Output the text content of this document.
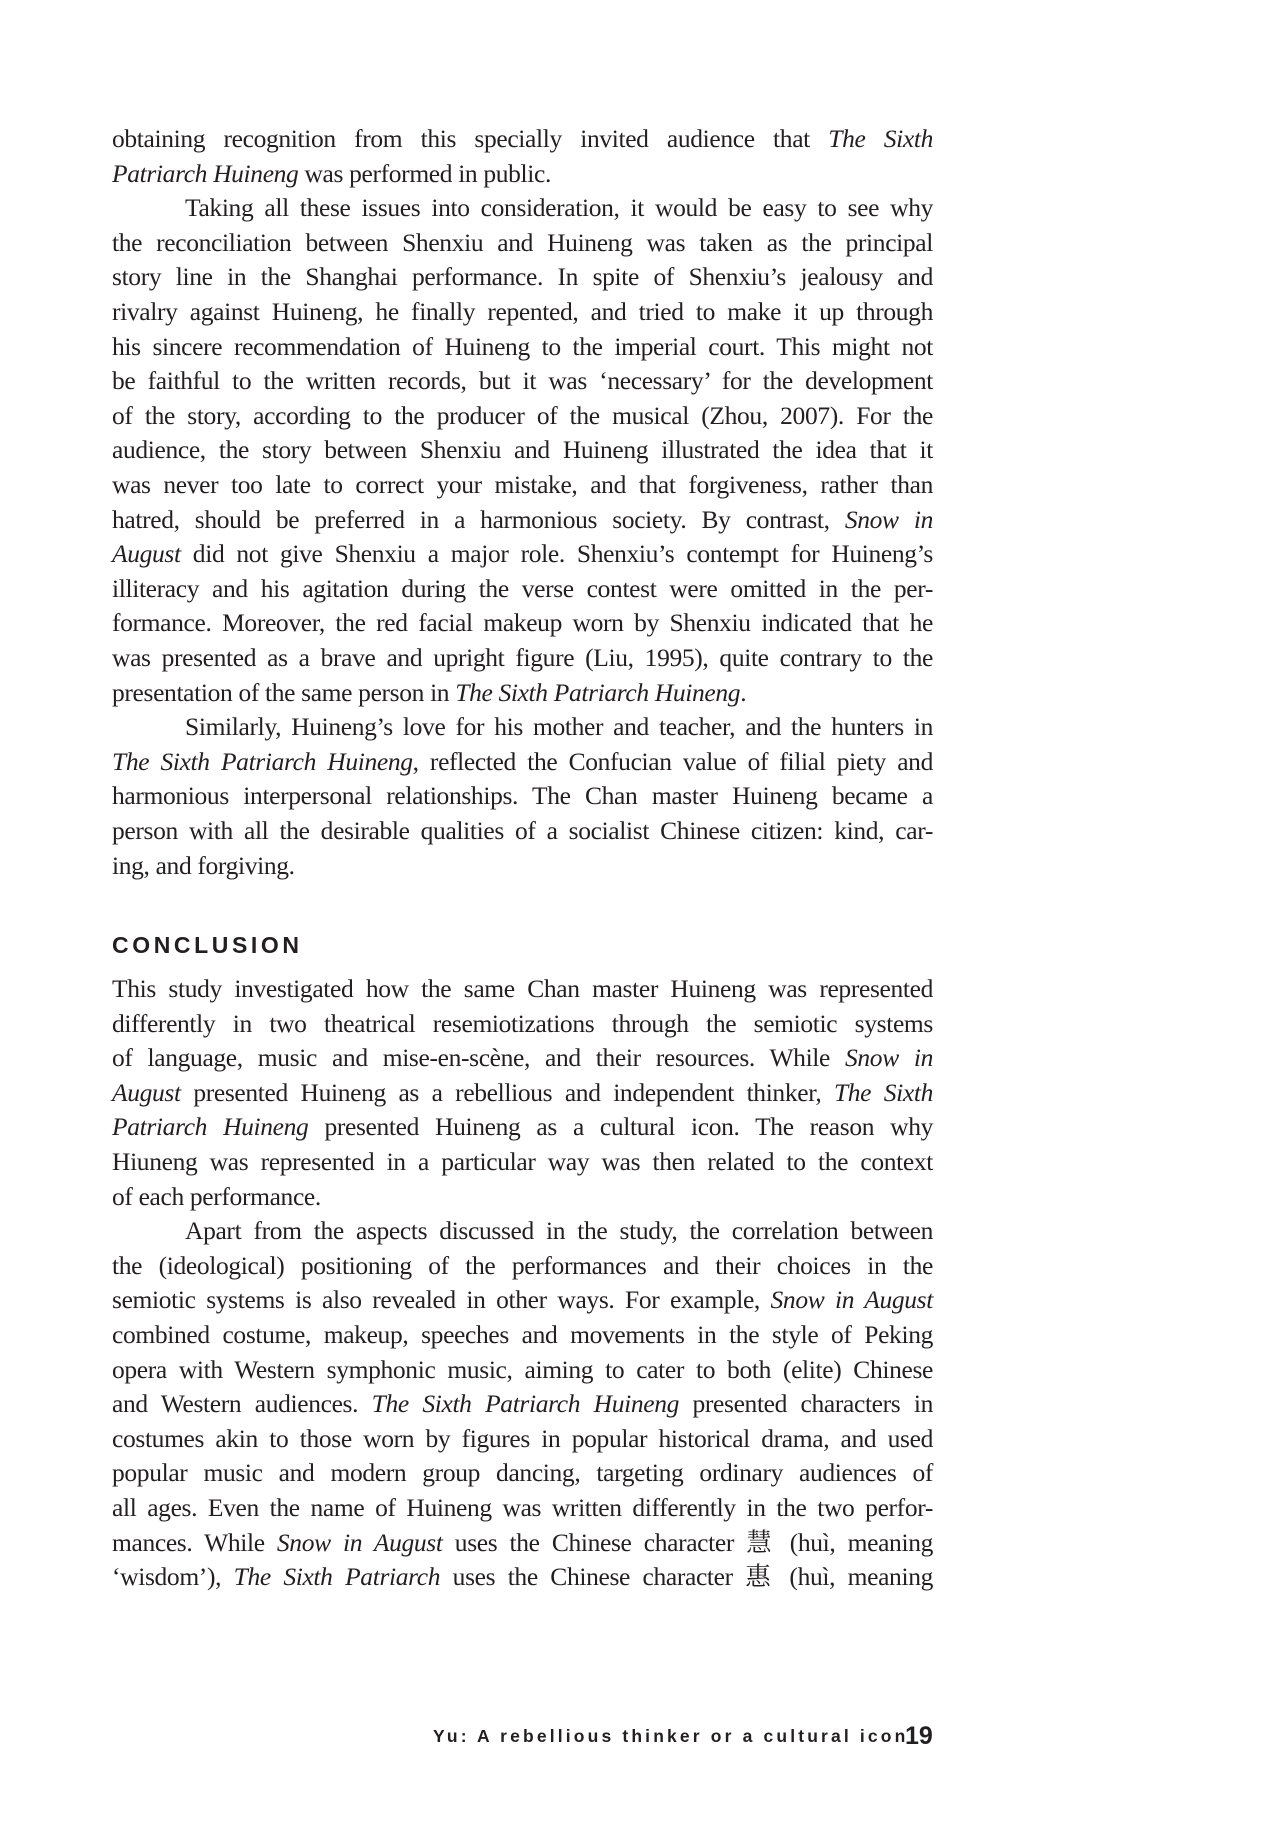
obtaining recognition from this specially invited audience that The Sixth
Patriarch Huineng was performed in public.
Taking all these issues into consideration, it would be easy to see why
the reconciliation between Shenxiu and Huineng was taken as the principal
story line in the Shanghai performance. In spite of Shenxiu’s jealousy and
rivalry against Huineng, he finally repented, and tried to make it up through
his sincere recommendation of Huineng to the imperial court. This might not
be faithful to the written records, but it was ‘necessary’ for the development
of the story, according to the producer of the musical (Zhou, 2007). For the
audience, the story between Shenxiu and Huineng illustrated the idea that it
was never too late to correct your mistake, and that forgiveness, rather than
hatred, should be preferred in a harmonious society. By contrast, Snow in
August did not give Shenxiu a major role. Shenxiu’s contempt for Huineng’s
illiteracy and his agitation during the verse contest were omitted in the per-
formance. Moreover, the red facial makeup worn by Shenxiu indicated that he
was presented as a brave and upright figure (Liu, 1995), quite contrary to the
presentation of the same person in The Sixth Patriarch Huineng.
Similarly, Huineng’s love for his mother and teacher, and the hunters in
The Sixth Patriarch Huineng, reflected the Confucian value of filial piety and
harmonious interpersonal relationships. The Chan master Huineng became a
person with all the desirable qualities of a socialist Chinese citizen: kind, car-
ing, and forgiving.
CONCLUSION
This study investigated how the same Chan master Huineng was represented
differently in two theatrical resemiotizations through the semiotic systems
of language, music and mise-en-scène, and their resources. While Snow in
August presented Huineng as a rebellious and independent thinker, The Sixth
Patriarch Huineng presented Huineng as a cultural icon. The reason why
Hiuneng was represented in a particular way was then related to the context
of each performance.
Apart from the aspects discussed in the study, the correlation between
the (ideological) positioning of the performances and their choices in the
semiotic systems is also revealed in other ways. For example, Snow in August
combined costume, makeup, speeches and movements in the style of Peking
opera with Western symphonic music, aiming to cater to both (elite) Chinese
and Western audiences. The Sixth Patriarch Huineng presented characters in
costumes akin to those worn by figures in popular historical drama, and used
popular music and modern group dancing, targeting ordinary audiences of
all ages. Even the name of Huineng was written differently in the two perfor-
mances. While Snow in August uses the Chinese character 慧 (huì, meaning
‘wisdom’), The Sixth Patriarch uses the Chinese character 惠 (huì, meaning
Yu: A rebellious thinker or a cultural icon
19
